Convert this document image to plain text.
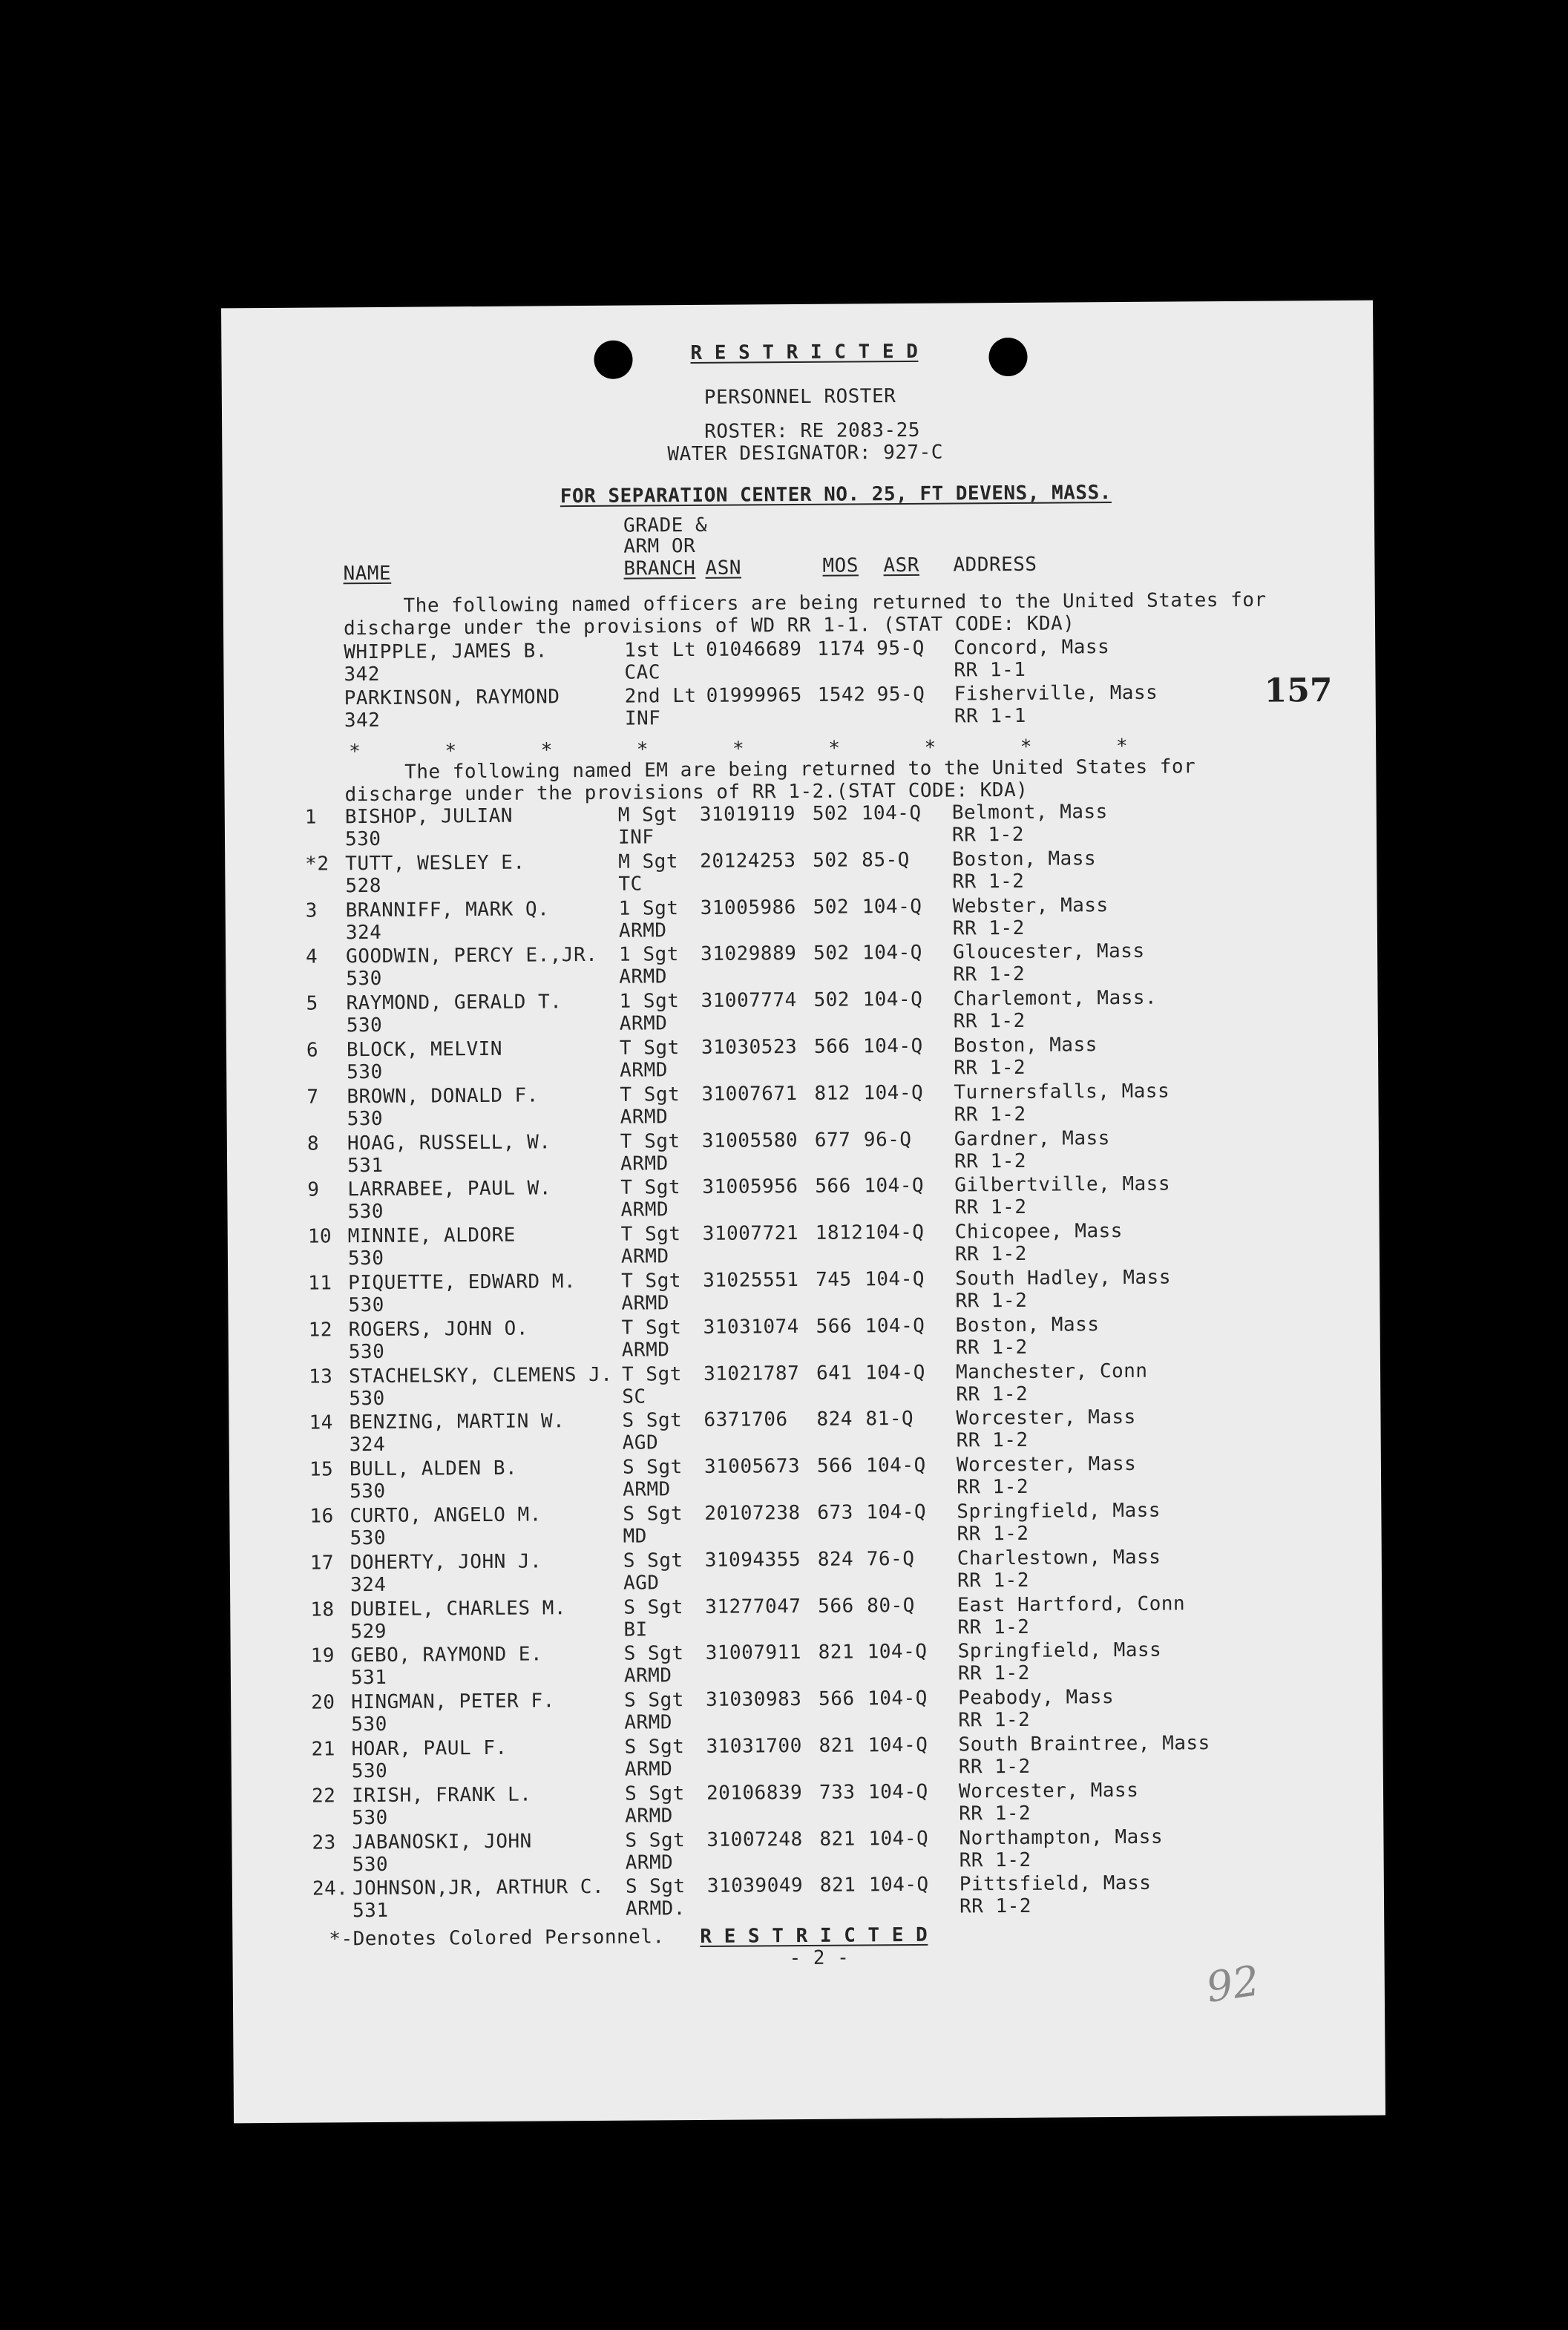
R E S T R I C T E D
PERSONNEL ROSTER
ROSTER: RE 2083-25
WATER DESIGNATOR: 927-C
FOR SEPARATION CENTER NO. 25, FT DEVENS, MASS.
GRADE &
ARM OR
BRANCH
NAME	ASN	MOS ASR ADDRESS
The following named officers are being returned to the United States for
discharge under the provisions of WD RR 1-1. (STAT CODE: KDA)
WHIPPLE, JAMES B.
342
1st Lt
CAC
01046689 1174 95-Q Concord, Mass
RR 1-1
PARKINSON, RAYMOND
342
2nd Lt
INF
01999965 1542 95-Q Fisherville, Mass
RR 1-1
*       *       *       *       *       *       *       *       *
The following named EM are being returned to the United States for
discharge under the provisions of RR 1-2.(STAT CODE: KDA)
1 BISHOP, JULIAN
530
M Sgt
INF
31019119 502 104-Q Belmont, Mass
RR 1-2
*2 TUTT, WESLEY E.
528
M Sgt
TC
20124253 502 85-Q Boston, Mass
RR 1-2
3 BRANNIFF, MARK Q.
324
1 Sgt
ARMD
31005986 502 104-Q Webster, Mass
RR 1-2
4 GOODWIN, PERCY E.,JR.
530
1 Sgt
ARMD
31029889 502 104-Q Gloucester, Mass
RR 1-2
5 RAYMOND, GERALD T.
530
1 Sgt
ARMD
31007774 502 104-Q Charlemont, Mass.
RR 1-2
6 BLOCK, MELVIN
530
T Sgt
ARMD
31030523 566 104-Q Boston, Mass
RR 1-2
7 BROWN, DONALD F.
530
T Sgt
ARMD
31007671 812 104-Q Turnersfalls, Mass
RR 1-2
8 HOAG, RUSSELL, W.
531
T Sgt
ARMD
31005580 677 96-Q Gardner, Mass
RR 1-2
9 LARRABEE, PAUL W.
530
T Sgt
ARMD
31005956 566 104-Q Gilbertville, Mass
RR 1-2
10 MINNIE, ALDORE
530
T Sgt
ARMD
31007721 1812 104-Q Chicopee, Mass
RR 1-2
11 PIQUETTE, EDWARD M.
530
T Sgt
ARMD
31025551 745 104-Q South Hadley, Mass
RR 1-2
12 ROGERS, JOHN O.
530
T Sgt
ARMD
31031074 566 104-Q Boston, Mass
RR 1-2
13 STACHELSKY, CLEMENS J.
530
T Sgt
SC
31021787 641 104-Q Manchester, Conn
RR 1-2
14 BENZING, MARTIN W.
324
S Sgt
AGD
6371706 824 81-Q Worcester, Mass
RR 1-2
15 BULL, ALDEN B.
530
S Sgt
ARMD
31005673 566 104-Q Worcester, Mass
RR 1-2
16 CURTO, ANGELO M.
530
S Sgt
MD
20107238 673 104-Q Springfield, Mass
RR 1-2
17 DOHERTY, JOHN J.
324
S Sgt
AGD
31094355 824 76-Q Charlestown, Mass
RR 1-2
18 DUBIEL, CHARLES M.
529
S Sgt
BI
31277047 566 80-Q East Hartford, Conn
RR 1-2
19 GEBO, RAYMOND E.
531
S Sgt
ARMD
31007911 821 104-Q Springfield, Mass
RR 1-2
20 HINGMAN, PETER F.
530
S Sgt
ARMD
31030983 566 104-Q Peabody, Mass
RR 1-2
21 HOAR, PAUL F.
530
S Sgt
ARMD
31031700 821 104-Q South Braintree, Mass
RR 1-2
22 IRISH, FRANK L.
530
S Sgt
ARMD
20106839 733 104-Q Worcester, Mass
RR 1-2
23 JABANOSKI, JOHN
530
S Sgt
ARMD
31007248 821 104-Q Northampton, Mass
RR 1-2
24. JOHNSON,JR, ARTHUR C.
531
S Sgt
ARMD.
31039049 821 104-Q Pittsfield, Mass
RR 1-2
*-Denotes Colored Personnel. R E S T R I C T E D
- 2 -
157
92
